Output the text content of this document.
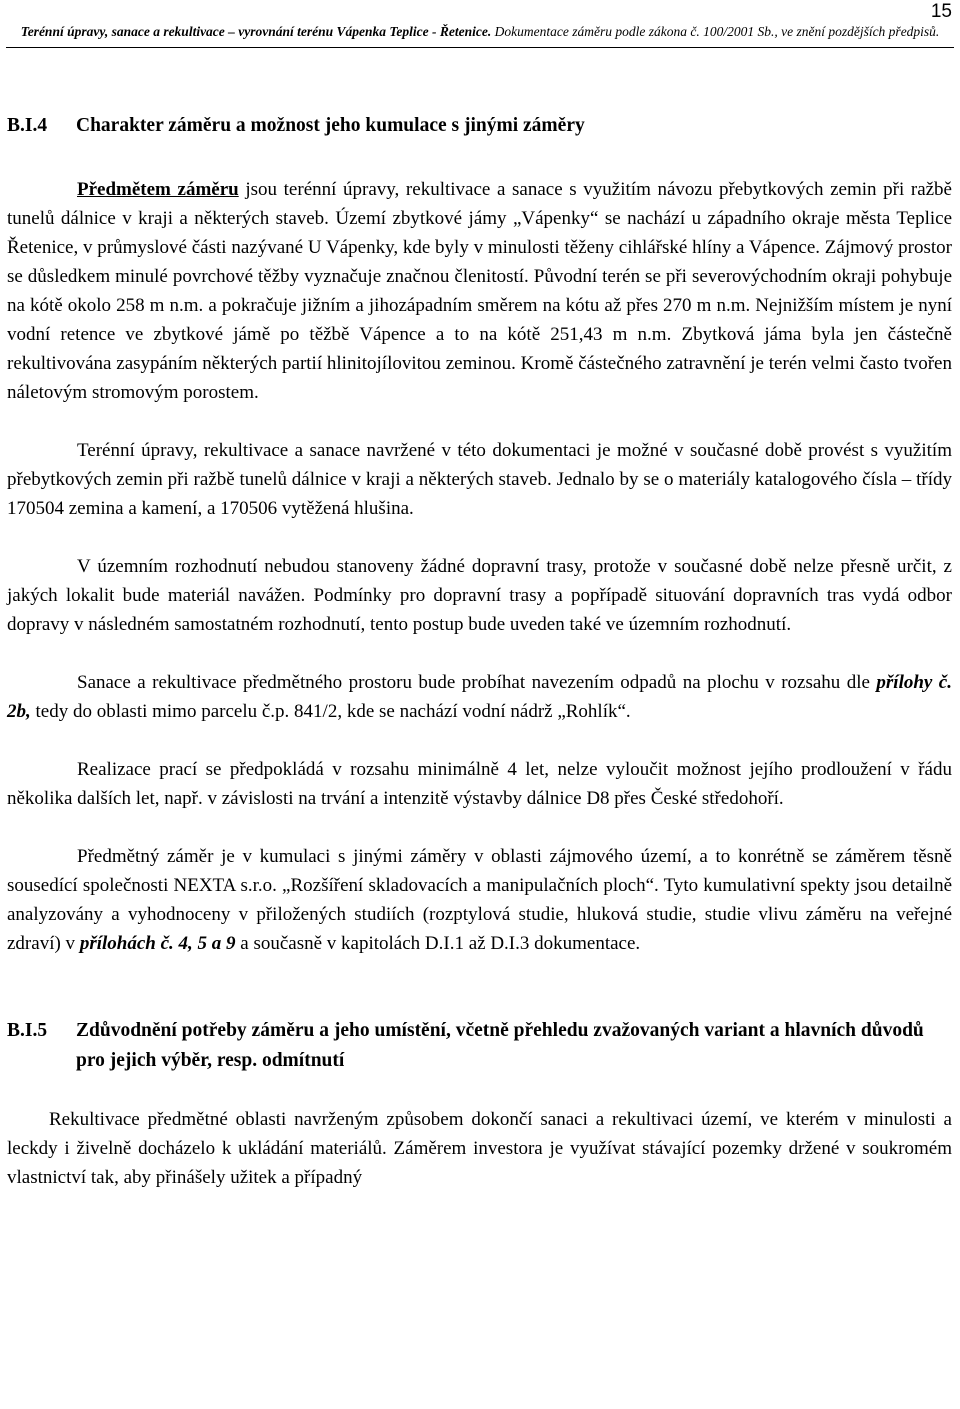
15
Terénní úpravy, sanace a rekultivace – vyrovnání terénu Vápenka Teplice - Řetenice. Dokumentace záměru podle zákona č. 100/2001 Sb., ve znění pozdějších předpisů.
B.I.4	Charakter záměru a možnost jeho kumulace s jinými záměry

Předmětem záměru jsou terénní úpravy, rekultivace a sanace s využitím návozu přebytkových zemin při ražbě tunelů dálnice v kraji a některých staveb. Území zbytkové jámy „Vápenky“ se nachází u západního okraje města Teplice Řetenice, v průmyslové části nazývané U Vápenky, kde byly v minulosti těženy cihlářské hlíny a Vápence. Zájmový prostor se důsledkem minulé povrchové těžby vyznačuje značnou členitostí. Původní terén se při severovýchodním okraji pohybuje na kótě okolo 258 m n.m. a pokračuje jižním a jihozápadním směrem na kótu až přes 270 m n.m. Nejnižším místem je nyní vodní retence ve zbytkové jámě po těžbě Vápence a to na kótě 251,43 m n.m. Zbytková jáma byla jen částečně rekultivována zasypáním některých partií hlinitojílovitou zeminou. Kromě částečného zatravnění je terén velmi často tvořen náletovým stromovým porostem.

Terénní úpravy, rekultivace a sanace navržené v této dokumentaci je možné v současné době provést s využitím přebytkových zemin při ražbě tunelů dálnice v kraji a některých staveb. Jednalo by se o materiály katalogového čísla – třídy 170504 zemina a kamení, a 170506 vytěžená hlušina.

V územním rozhodnutí nebudou stanoveny žádné dopravní trasy, protože v současné době nelze přesně určit, z jakých lokalit bude materiál navážen. Podmínky pro dopravní trasy a popřípadě situování dopravních tras vydá odbor dopravy v následném samostatném rozhodnutí, tento postup bude uveden také ve územním rozhodnutí.

Sanace a rekultivace předmětného prostoru bude probíhat navezením odpadů na plochu v rozsahu dle přílohy č. 2b, tedy do oblasti mimo parcelu č.p. 841/2, kde se nachází vodní nádrž „Rohlík“.

Realizace prací se předpokládá v rozsahu minimálně 4 let, nelze vyloučit možnost jejího prodloužení v řádu několika dalších let, např. v závislosti na trvání a intenzitě výstavby dálnice D8 přes České středohoří.

Předmětný záměr je v kumulaci s jinými záměry v oblasti zájmového území, a to konrétně se záměrem těsně sousedící společnosti NEXTA s.r.o. „Rozšíření skladovacích a manipulačních ploch“. Tyto kumulativní spekty jsou detailně analyzovány a vyhodnoceny v přiložených studiích (rozptylová studie, hluková studie, studie vlivu záměru na veřejné zdraví) v přílohách č. 4, 5 a 9 a současně v kapitolách D.I.1 až D.I.3 dokumentace.

B.I.5	Zdůvodnění potřeby záměru a jeho umístění, včetně přehledu zvažovaných variant a hlavních důvodů pro jejich výběr, resp. odmítnutí

Rekultivace předmětné oblasti navrženým způsobem dokončí sanaci a rekultivaci území, ve kterém v minulosti a leckdy i živelně docházelo k ukládání materiálů. Záměrem investora je využívat stávající pozemky držené v soukromém vlastnictví tak, aby přinášely užitek a případný
